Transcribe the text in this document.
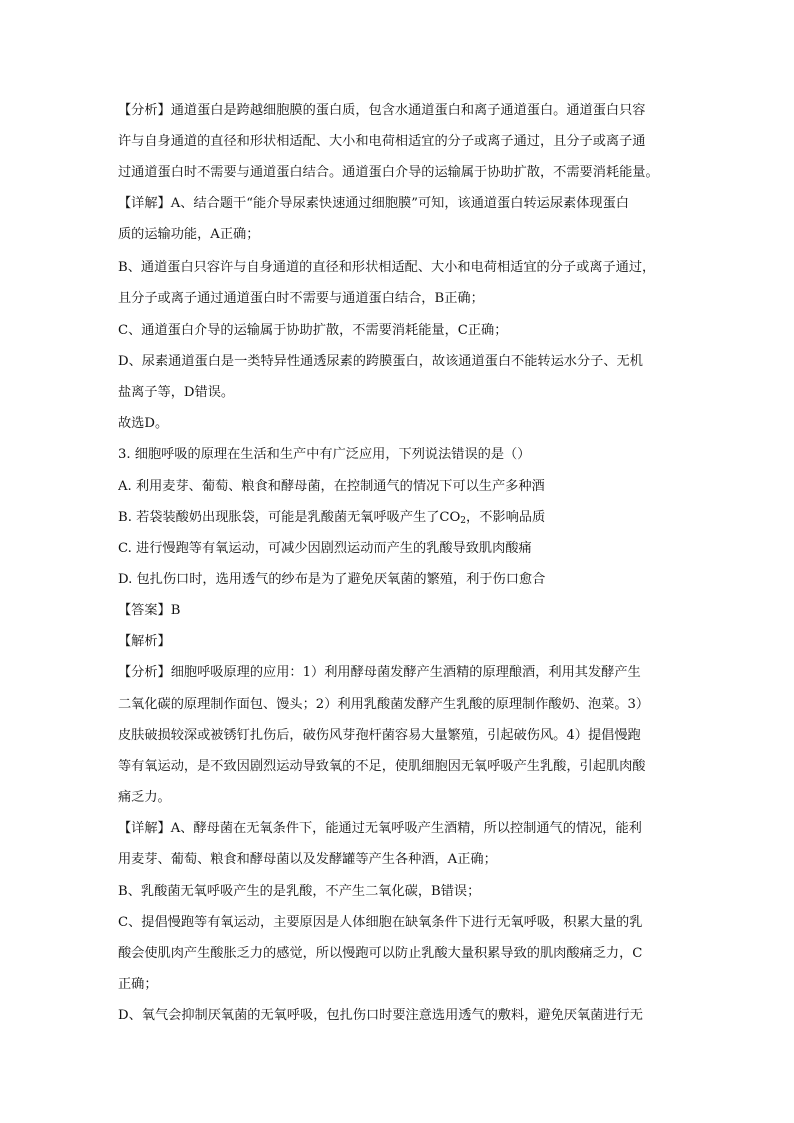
【分析】通道蛋白是跨越细胞膜的蛋白质，包含水通道蛋白和离子通道蛋白。通道蛋白只容
许与自身通道的直径和形状相适配、大小和电荷相适宜的分子或离子通过，且分子或离子通
过通道蛋白时不需要与通道蛋白结合。通道蛋白介导的运输属于协助扩散，不需要消耗能量。
【详解】A、结合题干“能介导尿素快速通过细胞膜”可知，该通道蛋白转运尿素体现蛋白
质的运输功能，A正确；
B、通道蛋白只容许与自身通道的直径和形状相适配、大小和电荷相适宜的分子或离子通过，
且分子或离子通过通道蛋白时不需要与通道蛋白结合，B正确；
C、通道蛋白介导的运输属于协助扩散，不需要消耗能量，C正确；
D、尿素通道蛋白是一类特异性通透尿素的跨膜蛋白，故该通道蛋白不能转运水分子、无机
盐离子等，D错误。
故选D。
3. 细胞呼吸的原理在生活和生产中有广泛应用，下列说法错误的是（）
A. 利用麦芽、葡萄、粮食和酵母菌，在控制通气的情况下可以生产多种酒
B. 若袋装酸奶出现胀袋，可能是乳酸菌无氧呼吸产生了$CO_2$，不影响品质
C. 进行慢跑等有氧运动，可减少因剧烈运动而产生的乳酸导致肌肉酸痛
D. 包扎伤口时，选用透气的纱布是为了避免厌氧菌的繁殖，利于伤口愈合
【答案】B
【解析】
【分析】细胞呼吸原理的应用：1）利用酵母菌发酵产生酒精的原理酿酒，利用其发酵产生
二氧化碳的原理制作面包、馒头；2）利用乳酸菌发酵产生乳酸的原理制作酸奶、泡菜。3）
皮肤破损较深或被锈钉扎伤后，破伤风芽孢杆菌容易大量繁殖，引起破伤风。4）提倡慢跑
等有氧运动，是不致因剧烈运动导致氧的不足，使肌细胞因无氧呼吸产生乳酸，引起肌肉酸
痛乏力。
【详解】A、酵母菌在无氧条件下，能通过无氧呼吸产生酒精，所以控制通气的情况，能利
用麦芽、葡萄、粮食和酵母菌以及发酵罐等产生各种酒，A正确；
B、乳酸菌无氧呼吸产生的是乳酸，不产生二氧化碳，B错误；
C、提倡慢跑等有氧运动，主要原因是人体细胞在缺氧条件下进行无氧呼吸，积累大量的乳
酸会使肌肉产生酸胀乏力的感觉，所以慢跑可以防止乳酸大量积累导致的肌肉酸痛乏力，C
正确；
D、氧气会抑制厌氧菌的无氧呼吸，包扎伤口时要注意选用透气的敷料，避免厌氧菌进行无
